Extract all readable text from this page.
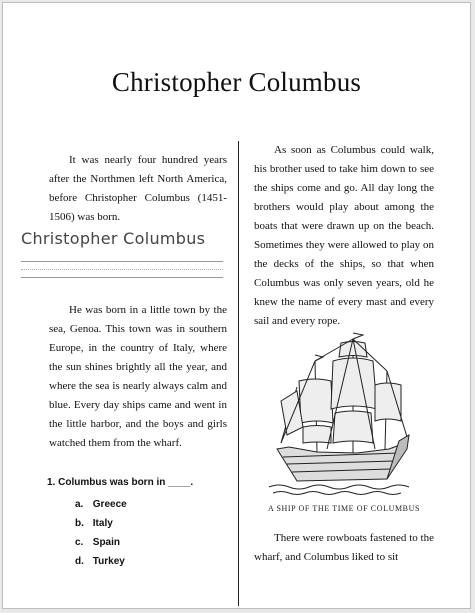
Christopher Columbus

It was nearly four hundred years after the Northmen left North America, before Christopher Columbus (1451-1506) was born.

Christopher Columbus

He was born in a little town by the sea, Genoa. This town was in southern Europe, in the country of Italy, where the sun shines brightly all the year, and where the sea is nearly always calm and blue. Every day ships came and went in the little harbor, and the boys and girls watched them from the wharf.

1. Columbus was born in ____.
a. Greece
b. Italy
c. Spain
d. Turkey

As soon as Columbus could walk, his brother used to take him down to see the ships come and go. All day long the brothers would play about among the boats that were drawn up on the beach. Sometimes they were allowed to play on the decks of the ships, so that when Columbus was only seven years, old he knew the name of every mast and every sail and every rope.

A SHIP OF THE TIME OF COLUMBUS

There were rowboats fastened to the wharf, and Columbus liked to sit
